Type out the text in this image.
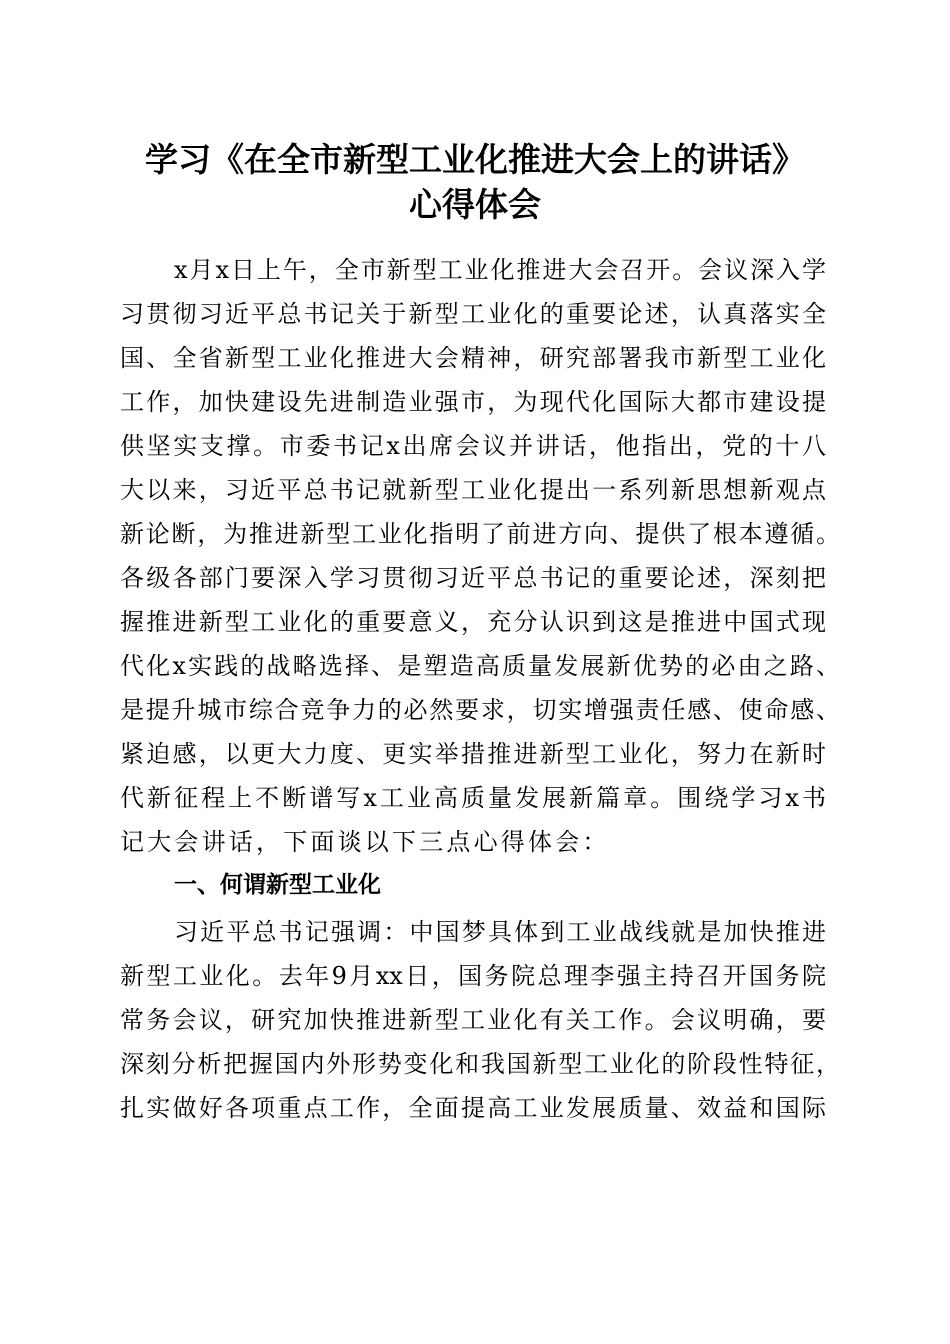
学习《在全市新型工业化推进大会上的讲话》
心得体会
x月x日上午，全市新型工业化推进大会召开。会议深入学
习贯彻习近平总书记关于新型工业化的重要论述，认真落实全
国、全省新型工业化推进大会精神，研究部署我市新型工业化
工作，加快建设先进制造业强市，为现代化国际大都市建设提
供坚实支撑。市委书记x出席会议并讲话，他指出，党的十八
大以来，习近平总书记就新型工业化提出一系列新思想新观点
新论断，为推进新型工业化指明了前进方向、提供了根本遵循。
各级各部门要深入学习贯彻习近平总书记的重要论述，深刻把
握推进新型工业化的重要意义，充分认识到这是推进中国式现
代化x实践的战略选择、是塑造高质量发展新优势的必由之路、
是提升城市综合竞争力的必然要求，切实增强责任感、使命感、
紧迫感，以更大力度、更实举措推进新型工业化，努力在新时
代新征程上不断谱写x工业高质量发展新篇章。围绕学习x书
记大会讲话，下面谈以下三点心得体会：
一、何谓新型工业化
习近平总书记强调：中国梦具体到工业战线就是加快推进
新型工业化。去年9月xx日，国务院总理李强主持召开国务院
常务会议，研究加快推进新型工业化有关工作。会议明确，要
深刻分析把握国内外形势变化和我国新型工业化的阶段性特征，
扎实做好各项重点工作，全面提高工业发展质量、效益和国际
